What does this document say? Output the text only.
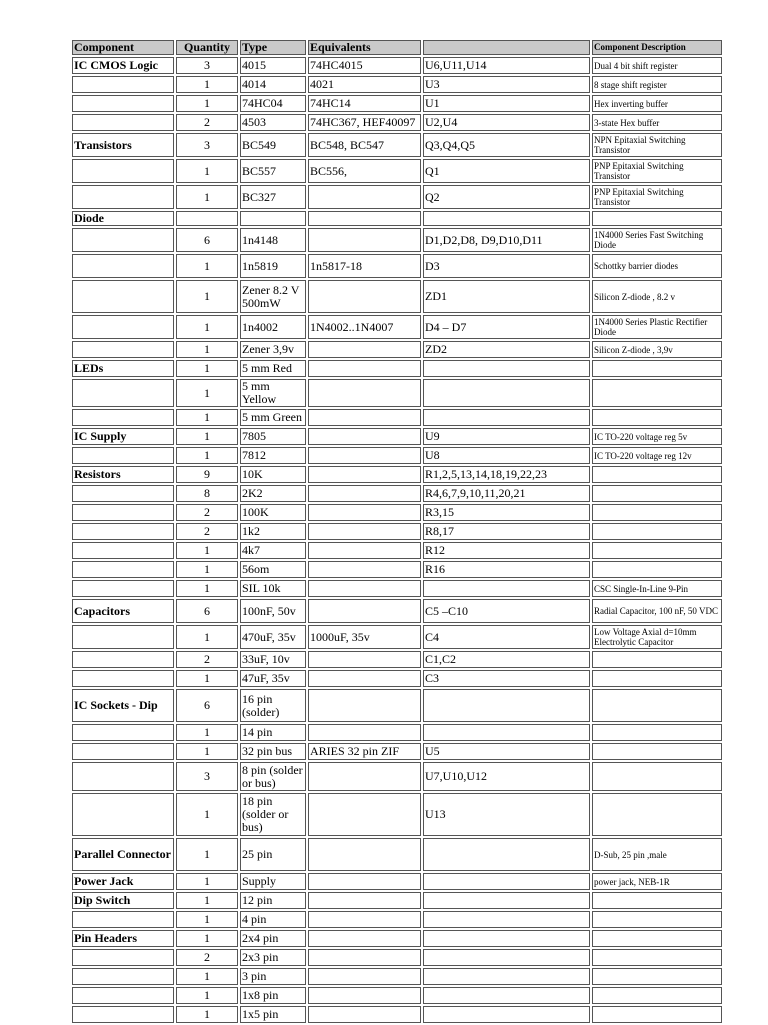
Component	Quantity	Type	Equivalents		Component Description
IC CMOS Logic	3	4015	74HC4015	U6,U11,U14	Dual 4 bit shift register
	1	4014	4021	U3	8 stage shift register
	1	74HC04	74HC14	U1	Hex inverting buffer
	2	4503	74HC367, HEF40097	U2,U4	3-state Hex buffer
Transistors	3	BC549	BC548, BC547	Q3,Q4,Q5	NPN Epitaxial Switching Transistor
	1	BC557	BC556,	Q1	PNP Epitaxial Switching Transistor
	1	BC327		Q2	PNP Epitaxial Switching Transistor
Diode					
	6	1n4148		D1,D2,D8, D9,D10,D11	1N4000 Series Fast Switching Diode
	1	1n5819	1n5817-18	D3	Schottky barrier diodes
	1	Zener 8.2 V 500mW		ZD1	Silicon Z-diode , 8.2 v
	1	1n4002	1N4002..1N4007	D4 – D7	1N4000 Series Plastic Rectifier Diode
	1	Zener 3,9v		ZD2	Silicon Z-diode , 3,9v
LEDs	1	5 mm Red			
	1	5 mm Yellow			
	1	5 mm Green			
IC Supply	1	7805		U9	IC TO-220 voltage reg 5v
	1	7812		U8	IC TO-220 voltage reg 12v
Resistors	9	10K		R1,2,5,13,14,18,19,22,23	
	8	2K2		R4,6,7,9,10,11,20,21	
	2	100K		R3,15	
	2	1k2		R8,17	
	1	4k7		R12	
	1	56om		R16	
	1	SIL 10k			CSC Single-In-Line 9-Pin
Capacitors	6	100nF, 50v		C5 –C10	Radial Capacitor, 100 nF, 50 VDC
	1	470uF, 35v	1000uF, 35v	C4	Low Voltage Axial d=10mm Electrolytic Capacitor
	2	33uF, 10v		C1,C2	
	1	47uF, 35v		C3	
IC Sockets - Dip	6	16 pin (solder)			
	1	14 pin			
	1	32 pin bus	ARIES 32 pin ZIF	U5	
	3	8 pin (solder or bus)		U7,U10,U12	
	1	18 pin (solder or bus)		U13	
Parallel Connector	1	25 pin			D-Sub, 25 pin ,male
Power Jack	1	Supply			power jack, NEB-1R
Dip Switch	1	12 pin			
	1	4 pin			
Pin Headers	1	2x4 pin			
	2	2x3 pin			
	1	3 pin			
	1	1x8 pin			
	1	1x5 pin			
